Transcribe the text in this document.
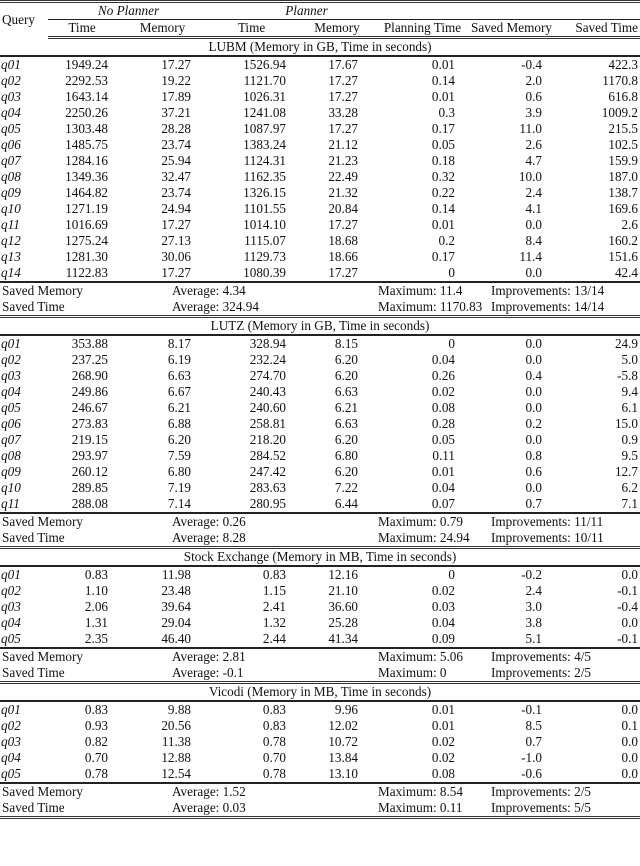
Query	No Planner		Planner				
	Time	Memory	Time	Memory	Planning Time	Saved Memory	Saved Time
LUBM (Memory in GB, Time in seconds)							
q01	1949.24	17.27	1526.94	17.67	0.01	-0.4	422.3
q02	2292.53	19.22	1121.70	17.27	0.14	2.0	1170.8
q03	1643.14	17.89	1026.31	17.27	0.01	0.6	616.8
q04	2250.26	37.21	1241.08	33.28	0.3	3.9	1009.2
q05	1303.48	28.28	1087.97	17.27	0.17	11.0	215.5
q06	1485.75	23.74	1383.24	21.12	0.05	2.6	102.5
q07	1284.16	25.94	1124.31	21.23	0.18	4.7	159.9
q08	1349.36	32.47	1162.35	22.49	0.32	10.0	187.0
q09	1464.82	23.74	1326.15	21.32	0.22	2.4	138.7
q10	1271.19	24.94	1101.55	20.84	0.14	4.1	169.6
q11	1016.69	17.27	1014.10	17.27	0.01	0.0	2.6
q12	1275.24	27.13	1115.07	18.68	0.2	8.4	160.2
q13	1281.30	30.06	1129.73	18.66	0.17	11.4	151.6
q14	1122.83	17.27	1080.39	17.27	0	0.0	42.4
Saved Memory		Average: 4.34		Maximum: 11.4		Improvements: 13/14	
Saved Time		Average: 324.94		Maximum: 1170.83		Improvements: 14/14	
LUTZ (Memory in GB, Time in seconds)							
q01	353.88	8.17	328.94	8.15	0	0.0	24.9
q02	237.25	6.19	232.24	6.20	0.04	0.0	5.0
q03	268.90	6.63	274.70	6.20	0.26	0.4	-5.8
q04	249.86	6.67	240.43	6.63	0.02	0.0	9.4
q05	246.67	6.21	240.60	6.21	0.08	0.0	6.1
q06	273.83	6.88	258.81	6.63	0.28	0.2	15.0
q07	219.15	6.20	218.20	6.20	0.05	0.0	0.9
q08	293.97	7.59	284.52	6.80	0.11	0.8	9.5
q09	260.12	6.80	247.42	6.20	0.01	0.6	12.7
q10	289.85	7.19	283.63	7.22	0.04	0.0	6.2
q11	288.08	7.14	280.95	6.44	0.07	0.7	7.1
Saved Memory		Average: 0.26		Maximum: 0.79		Improvements: 11/11	
Saved Time		Average: 8.28		Maximum: 24.94		Improvements: 10/11	
Stock Exchange (Memory in MB, Time in seconds)							
q01	0.83	11.98	0.83	12.16	0	-0.2	0.0
q02	1.10	23.48	1.15	21.10	0.02	2.4	-0.1
q03	2.06	39.64	2.41	36.60	0.03	3.0	-0.4
q04	1.31	29.04	1.32	25.28	0.04	3.8	0.0
q05	2.35	46.40	2.44	41.34	0.09	5.1	-0.1
Saved Memory		Average: 2.81		Maximum: 5.06		Improvements: 4/5	
Saved Time		Average: -0.1		Maximum: 0		Improvements: 2/5	
Vicodi (Memory in MB, Time in seconds)							
q01	0.83	9.88	0.83	9.96	0.01	-0.1	0.0
q02	0.93	20.56	0.83	12.02	0.01	8.5	0.1
q03	0.82	11.38	0.78	10.72	0.02	0.7	0.0
q04	0.70	12.88	0.70	13.84	0.02	-1.0	0.0
q05	0.78	12.54	0.78	13.10	0.08	-0.6	0.0
Saved Memory		Average: 1.52		Maximum: 8.54		Improvements: 2/5	
Saved Time		Average: 0.03		Maximum: 0.11		Improvements: 5/5	
